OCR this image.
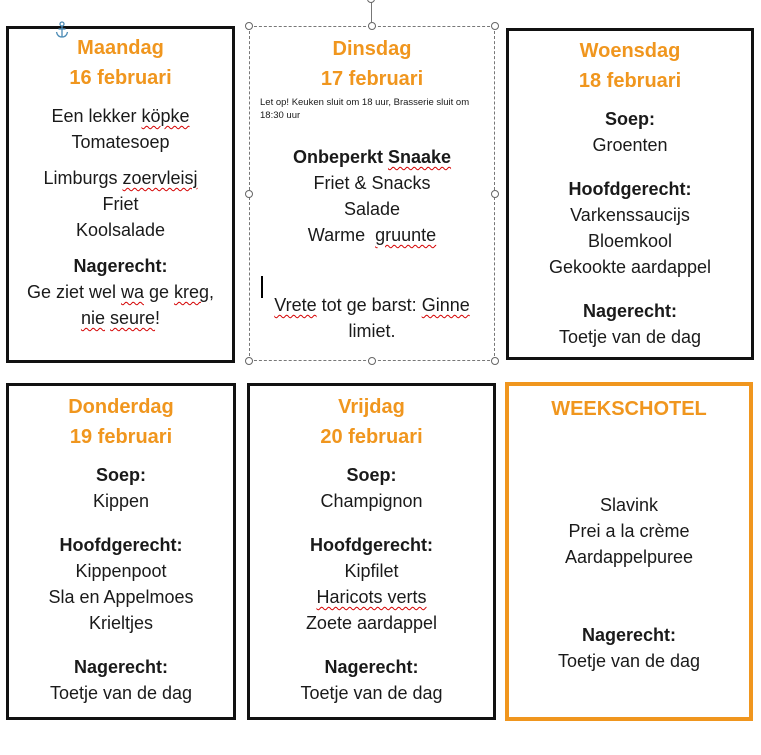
Maandag
16 februari
Een lekker köpke
Tomatesoep
Limburgs zoervleisj
Friet
Koolsalade
Nagerecht:
Ge ziet wel wa ge kreg,
nie seure!
Dinsdag
17 februari
Let op! Keuken sluit om 18 uur, Brasserie sluit om 18:30 uur
Onbeperkt Snaake
Friet & Snacks
Salade
Warme  gruunte
Vrete tot ge barst: Ginne
limiet.
Woensdag
18 februari
Soep:
Groenten
Hoofdgerecht:
Varkenssaucijs
Bloemkool
Gekookte aardappel
Nagerecht:
Toetje van de dag
Donderdag
19 februari
Soep:
Kippen
Hoofdgerecht:
Kippenpoot
Sla en Appelmoes
Krieltjes
Nagerecht:
Toetje van de dag
Vrijdag
20 februari
Soep:
Champignon
Hoofdgerecht:
Kipfilet
Haricots verts
Zoete aardappel
Nagerecht:
Toetje van de dag
WEEKSCHOTEL
Slavink
Prei a la crème
Aardappelpuree
Nagerecht:
Toetje van de dag
